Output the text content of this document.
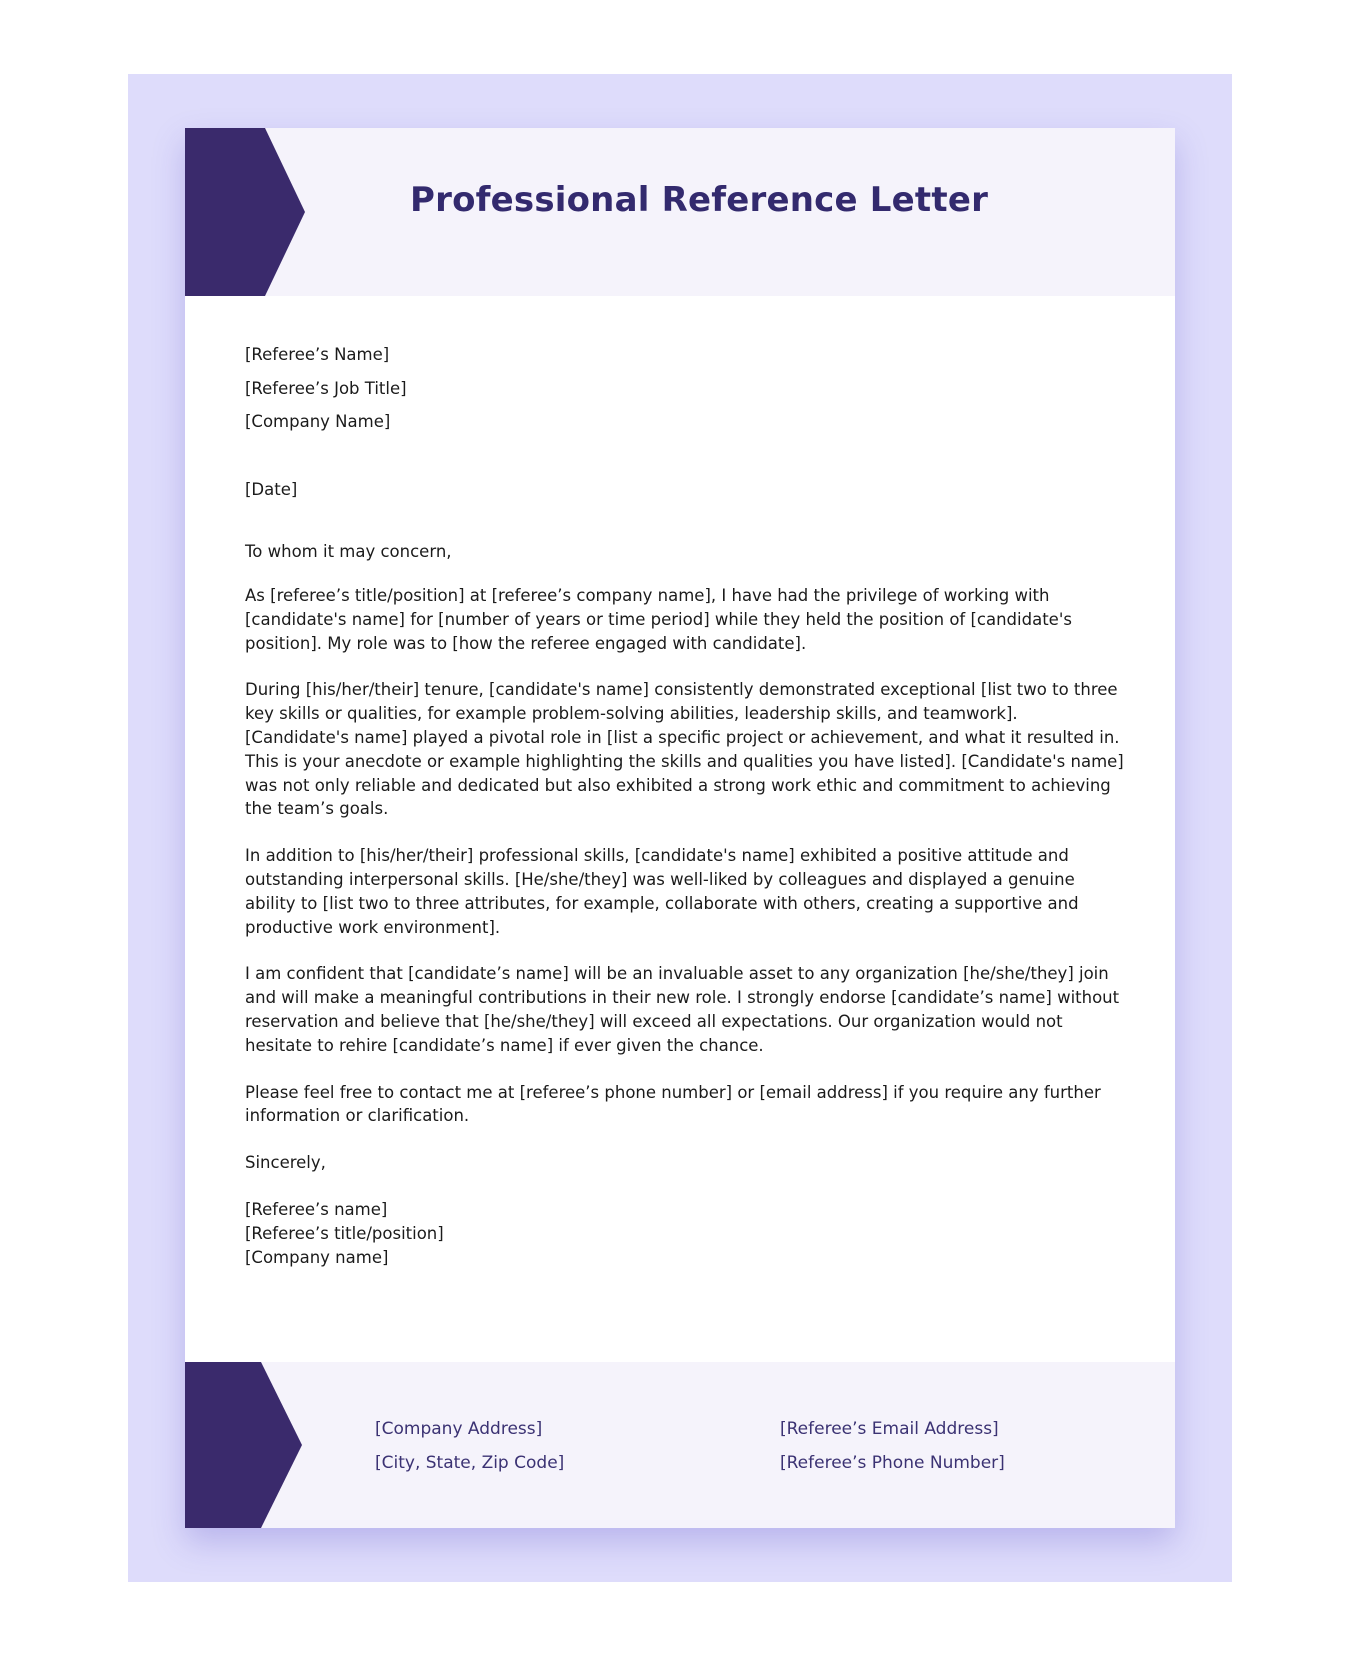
Professional Reference Letter

[Referee’s Name]

[Referee’s Job Title]

[Company Name]

[Date]

To whom it may concern,

As [referee’s title/position] at [referee’s company name], I have had the privilege of working with [candidate's name] for [number of years or time period] while they held the position of [candidate's position]. My role was to [how the referee engaged with candidate].

During [his/her/their] tenure, [candidate's name] consistently demonstrated exceptional [list two to three key skills or qualities, for example problem-solving abilities, leadership skills, and teamwork]. [Candidate's name] played a pivotal role in [list a specific project or achievement, and what it resulted in. This is your anecdote or example highlighting the skills and qualities you have listed]. [Candidate's name] was not only reliable and dedicated but also exhibited a strong work ethic and commitment to achieving the team’s goals.

In addition to [his/her/their] professional skills, [candidate's name] exhibited a positive attitude and outstanding interpersonal skills. [He/she/they] was well-liked by colleagues and displayed a genuine ability to [list two to three attributes, for example, collaborate with others, creating a supportive and productive work environment].

I am confident that [candidate’s name] will be an invaluable asset to any organization [he/she/they] join and will make a meaningful contributions in their new role. I strongly endorse [candidate’s name] without reservation and believe that [he/she/they] will exceed all expectations. Our organization would not hesitate to rehire [candidate’s name] if ever given the chance.

Please feel free to contact me at [referee’s phone number] or [email address] if you require any further information or clarification.

Sincerely,

[Referee’s name]

[Referee’s title/position]

[Company name]

[Company Address]

[City, State, Zip Code]

[Referee’s Email Address]

[Referee’s Phone Number]
